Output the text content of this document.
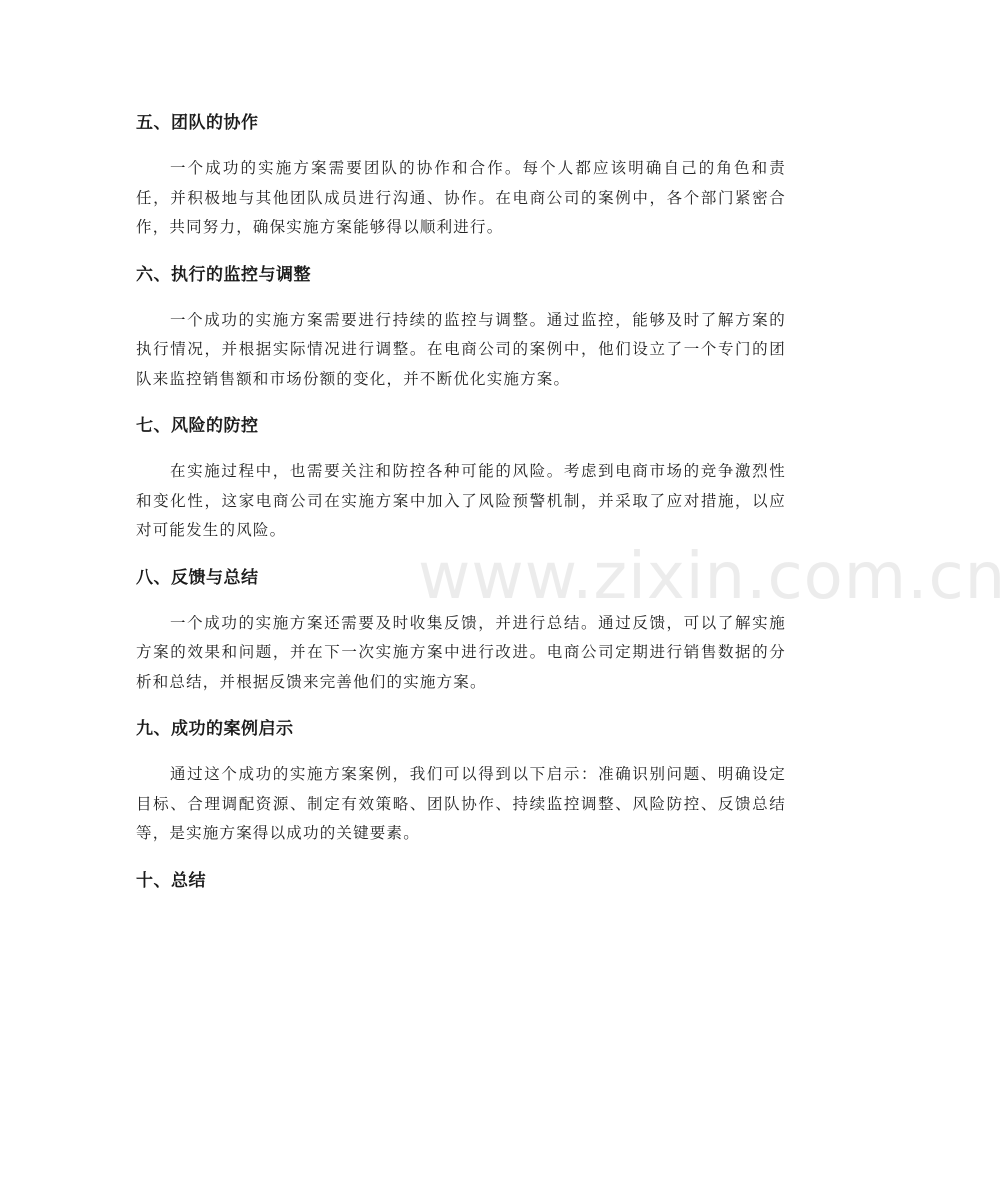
五、团队的协作

一个成功的实施方案需要团队的协作和合作。每个人都应该明确自己的角色和责任，并积极地与其他团队成员进行沟通、协作。在电商公司的案例中，各个部门紧密合作，共同努力，确保实施方案能够得以顺利进行。

六、执行的监控与调整

一个成功的实施方案需要进行持续的监控与调整。通过监控，能够及时了解方案的执行情况，并根据实际情况进行调整。在电商公司的案例中，他们设立了一个专门的团队来监控销售额和市场份额的变化，并不断优化实施方案。

七、风险的防控

在实施过程中，也需要关注和防控各种可能的风险。考虑到电商市场的竞争激烈性和变化性，这家电商公司在实施方案中加入了风险预警机制，并采取了应对措施，以应对可能发生的风险。

八、反馈与总结

一个成功的实施方案还需要及时收集反馈，并进行总结。通过反馈，可以了解实施方案的效果和问题，并在下一次实施方案中进行改进。电商公司定期进行销售数据的分析和总结，并根据反馈来完善他们的实施方案。

九、成功的案例启示

通过这个成功的实施方案案例，我们可以得到以下启示：准确识别问题、明确设定目标、合理调配资源、制定有效策略、团队协作、持续监控调整、风险防控、反馈总结等，是实施方案得以成功的关键要素。

十、总结
www.zixin.com.cn
